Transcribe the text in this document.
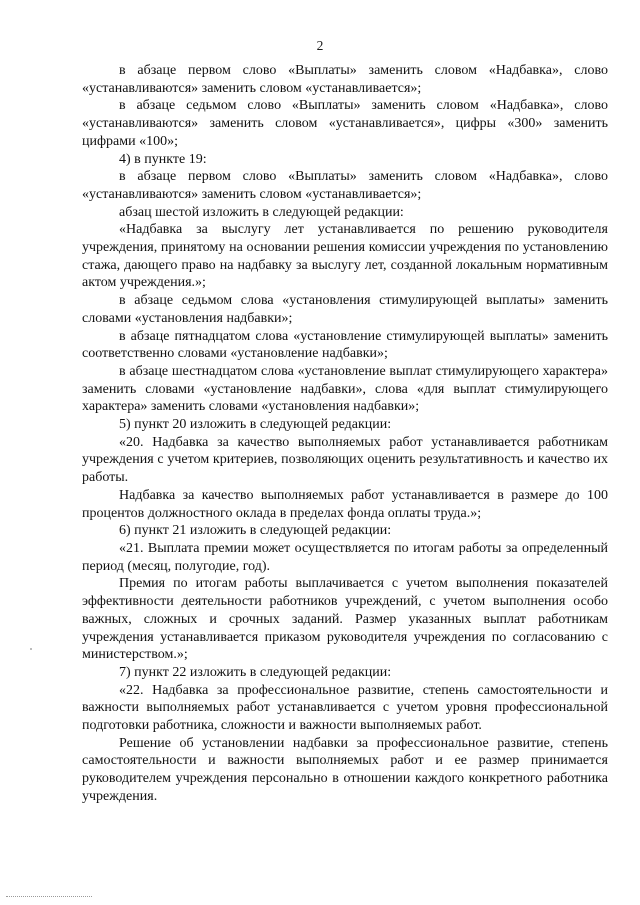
2

в абзаце первом слово «Выплаты» заменить словом «Надбавка», слово «устанавливаются» заменить словом «устанавливается»;

в абзаце седьмом слово «Выплаты» заменить словом «Надбавка», слово «устанавливаются» заменить словом «устанавливается», цифры «300» заменить цифрами «100»;

4) в пункте 19:

в абзаце первом слово «Выплаты» заменить словом «Надбавка», слово «устанавливаются» заменить словом «устанавливается»;

абзац шестой изложить в следующей редакции:

«Надбавка за выслугу лет устанавливается по решению руководителя учреждения, принятому на основании решения комиссии учреждения по установлению стажа, дающего право на надбавку за выслугу лет, созданной локальным нормативным актом учреждения.»;

в абзаце седьмом слова «установления стимулирующей выплаты» заменить словами «установления надбавки»;

в абзаце пятнадцатом слова «установление стимулирующей выплаты» заменить соответственно словами «установление надбавки»;

в абзаце шестнадцатом слова «установление выплат стимулирующего характера» заменить словами «установление надбавки», слова «для выплат стимулирующего характера» заменить словами «установления надбавки»;

5) пункт 20 изложить в следующей редакции:

«20. Надбавка за качество выполняемых работ устанавливается работникам учреждения с учетом критериев, позволяющих оценить результативность и качество их работы.

Надбавка за качество выполняемых работ устанавливается в размере до 100 процентов должностного оклада в пределах фонда оплаты труда.»;

6) пункт 21 изложить в следующей редакции:

«21. Выплата премии может осуществляется по итогам работы за определенный период (месяц, полугодие, год).

Премия по итогам работы выплачивается с учетом выполнения показателей эффективности деятельности работников учреждений, с учетом выполнения особо важных, сложных и срочных заданий. Размер указанных выплат работникам учреждения устанавливается приказом руководителя учреждения по согласованию с министерством.»;

7) пункт 22 изложить в следующей редакции:

«22. Надбавка за профессиональное развитие, степень самостоятельности и важности выполняемых работ устанавливается с учетом уровня профессиональной подготовки работника, сложности и важности выполняемых работ.

Решение об установлении надбавки за профессиональное развитие, степень самостоятельности и важности выполняемых работ и ее размер принимается руководителем учреждения персонально в отношении каждого конкретного работника учреждения.
